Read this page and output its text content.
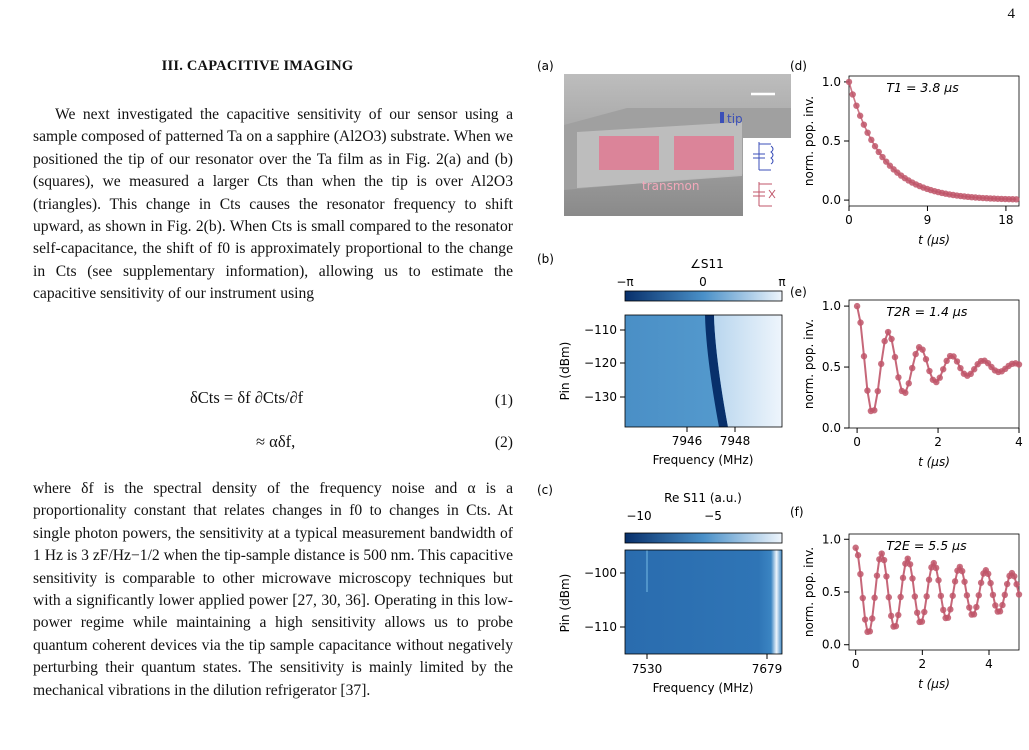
4
III. CAPACITIVE IMAGING

We next investigated the capacitive sensitivity of our sensor using a sample composed of patterned Ta on a sapphire (Al2O3) substrate. When we positioned the tip of our resonator over the Ta film as in Fig. 2(a) and (b) (squares), we measured a larger Cts than when the tip is over Al2O3 (triangles). This change in Cts causes the resonator frequency to shift upward, as shown in Fig. 2(b). When Cts is small compared to the resonator self-capacitance, the shift of f0 is approximately proportional to the change in Cts (see supplementary information), allowing us to estimate the capacitive sensitivity of our instrument using

δCts = δf ∂Cts/∂f	(1)
≈ αδf,	(2)

where δf is the spectral density of the frequency noise and α is a proportionality constant that relates changes in f0 to changes in Cts. At single photon powers, the sensitivity at a typical measurement bandwidth of 1 Hz is 3 zF/Hz−1/2 when the tip-sample distance is 500 nm. This capacitive sensitivity is comparable to other microwave microscopy techniques but with a significantly lower applied power [27, 30, 36]. Operating in this low-power regime while maintaining a high sensitivity allows us to probe quantum coherent devices via the tip sample capacitance without negatively perturbing their quantum states. The sensitivity is mainly limited by the mechanical vibrations in the dilution refrigerator [37].

(a)
tip
transmon
(b)	∠S11
−π	0	π
−110
−120
−130
7946 7948
Frequency (MHz)
Pin (dBm)
(c)
Re S11 (a.u.)
−10	−5
−100
−110
7530	7679
Frequency (MHz)
Pin (dBm)
(d)
(e)
(f)
0.0
0.5
1.0
0	9	18
t (μs)
norm. pop. inv.
T1 = 3.8 μs
0.0
0.5
1.0
0	2	4
t (μs)
norm. pop. inv.
T2R = 1.4 μs
0.0
0.5
1.0
0	2	4
t (μs)
norm. pop. inv.
T2E = 5.5 μs
